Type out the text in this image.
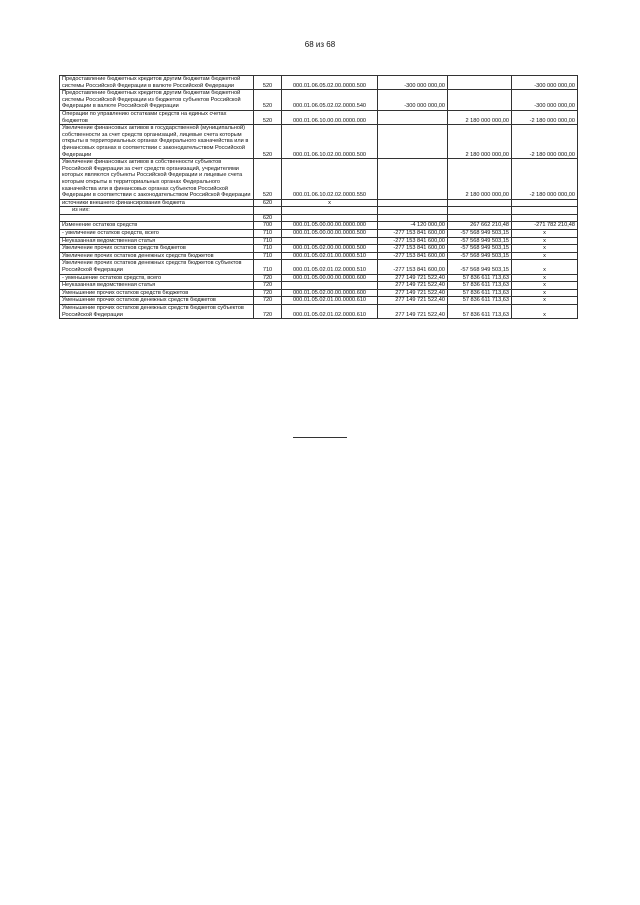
68 из 68
Предоставление бюджетных кредитов другим бюджетам бюджетной системы Российской Федерации в валюте Российской Федерации	520	000.01.06.05.02.00.0000.500	-300 000 000,00		-300 000 000,00
Предоставление бюджетных кредитов другим бюджетам бюджетной системы Российской Федерации из бюджетов субъектов Российской Федерации в валюте Российской Федерации	520	000.01.06.05.02.02.0000.540	-300 000 000,00		-300 000 000,00
Операции по управлению остатками средств на единых счетах бюджетов	520	000.01.06.10.00.00.0000.000		2 180 000 000,00	-2 180 000 000,00
Увеличение финансовых активов в государственной (муниципальной) собственности за счет средств организаций, лицевые счета которым открыты в территориальных органах Федерального казначейства или в финансовых органах в соответствии с законодательством Российской Федерации	520	000.01.06.10.02.00.0000.500		2 180 000 000,00	-2 180 000 000,00
Увеличение финансовых активов в собственности субъектов Российской Федерации за счет средств организаций, учредителями которых являются субъекты Российской Федерации и лицевые счета которым открыты в территориальных органах Федерального казначейства или в финансовых органах субъектов Российской Федерации в соответствии с законодательством Российской Федерации	520	000.01.06.10.02.02.0000.550		2 180 000 000,00	-2 180 000 000,00
источники внешнего финансирования бюджета	620	x			
из них:					
	620				
Изменение остатков средств	700	000.01.05.00.00.00.0000.000	-4 120 000,00	267 662 210,48	-271 782 210,48
- увеличение остатков средств, всего	710	000.01.05.00.00.00.0000.500	-277 153 841 600,00	-57 568 949 503,15	x
Неуказанная ведомственная статья	710		-277 153 841 600,00	-57 568 949 503,15	x
Увеличение прочих остатков средств бюджетов	710	000.01.05.02.00.00.0000.500	-277 153 841 600,00	-57 568 949 503,15	x
Увеличение прочих остатков денежных средств бюджетов	710	000.01.05.02.01.00.0000.510	-277 153 841 600,00	-57 568 949 503,15	x
Увеличение прочих остатков денежных средств бюджетов субъектов Российской Федерации	710	000.01.05.02.01.02.0000.510	-277 153 841 600,00	-57 568 949 503,15	x
- уменьшение остатков средств, всего	720	000.01.05.00.00.00.0000.600	277 149 721 522,40	57 836 611 713,63	x
Неуказанная ведомственная статья	720		277 149 721 522,40	57 836 611 713,63	x
Уменьшение прочих остатков средств бюджетов	720	000.01.05.02.00.00.0000.600	277 149 721 522,40	57 836 611 713,63	x
Уменьшение прочих остатков денежных средств бюджетов	720	000.01.05.02.01.00.0000.610	277 149 721 522,40	57 836 611 713,63	x
Уменьшение прочих остатков денежных средств бюджетов субъектов Российской Федерации	720	000.01.05.02.01.02.0000.610	277 149 721 522,40	57 836 611 713,63	x
